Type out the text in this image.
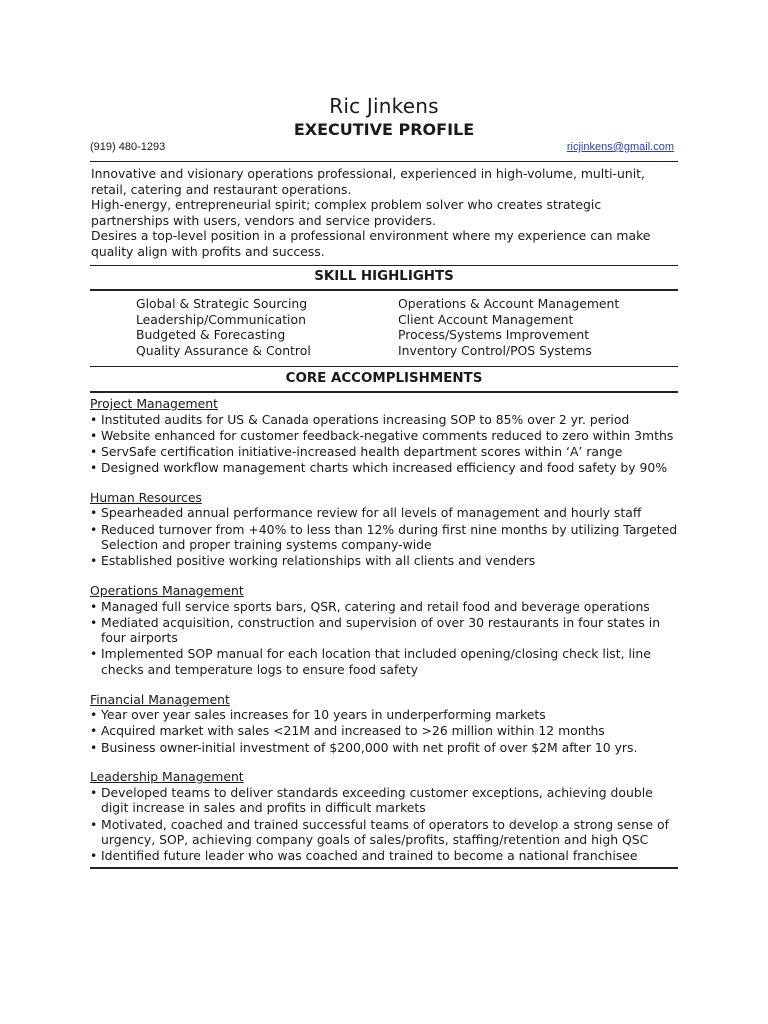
Ric Jinkens
EXECUTIVE PROFILE
(919) 480-1293	ricjinkens@gmail.com

Innovative and visionary operations professional, experienced in high-volume, multi-unit, retail, catering and restaurant operations.

High-energy, entrepreneurial spirit; complex problem solver who creates strategic partnerships with users, vendors and service providers.

Desires a top-level position in a professional environment where my experience can make quality align with profits and success.

SKILL HIGHLIGHTS
Global & Strategic Sourcing	Operations & Account Management
Leadership/Communication	Client Account Management
Budgeted & Forecasting	Process/Systems Improvement
Quality Assurance & Control	Inventory Control/POS Systems
CORE ACCOMPLISHMENTS

Project Management

• Instituted audits for US & Canada operations increasing SOP to 85% over 2 yr. period
• Website enhanced for customer feedback-negative comments reduced to zero within 3mths
• ServSafe certification initiative-increased health department scores within ‘A’ range
• Designed workflow management charts which increased efficiency and food safety by 90%

Human Resources

• Spearheaded annual performance review for all levels of management and hourly staff
• Reduced turnover from +40% to less than 12% during first nine months by utilizing Targeted Selection and proper training systems company-wide
• Established positive working relationships with all clients and venders

Operations Management

• Managed full service sports bars, QSR, catering and retail food and beverage operations
• Mediated acquisition, construction and supervision of over 30 restaurants in four states in four airports
• Implemented SOP manual for each location that included opening/closing check list, line checks and temperature logs to ensure food safety

Financial Management

• Year over year sales increases for 10 years in underperforming markets
• Acquired market with sales <21M and increased to >26 million within 12 months
• Business owner-initial investment of $200,000 with net profit of over $2M after 10 yrs.

Leadership Management

• Developed teams to deliver standards exceeding customer exceptions, achieving double digit increase in sales and profits in difficult markets
• Motivated, coached and trained successful teams of operators to develop a strong sense of urgency, SOP, achieving company goals of sales/profits, staffing/retention and high QSC
• Identified future leader who was coached and trained to become a national franchisee
